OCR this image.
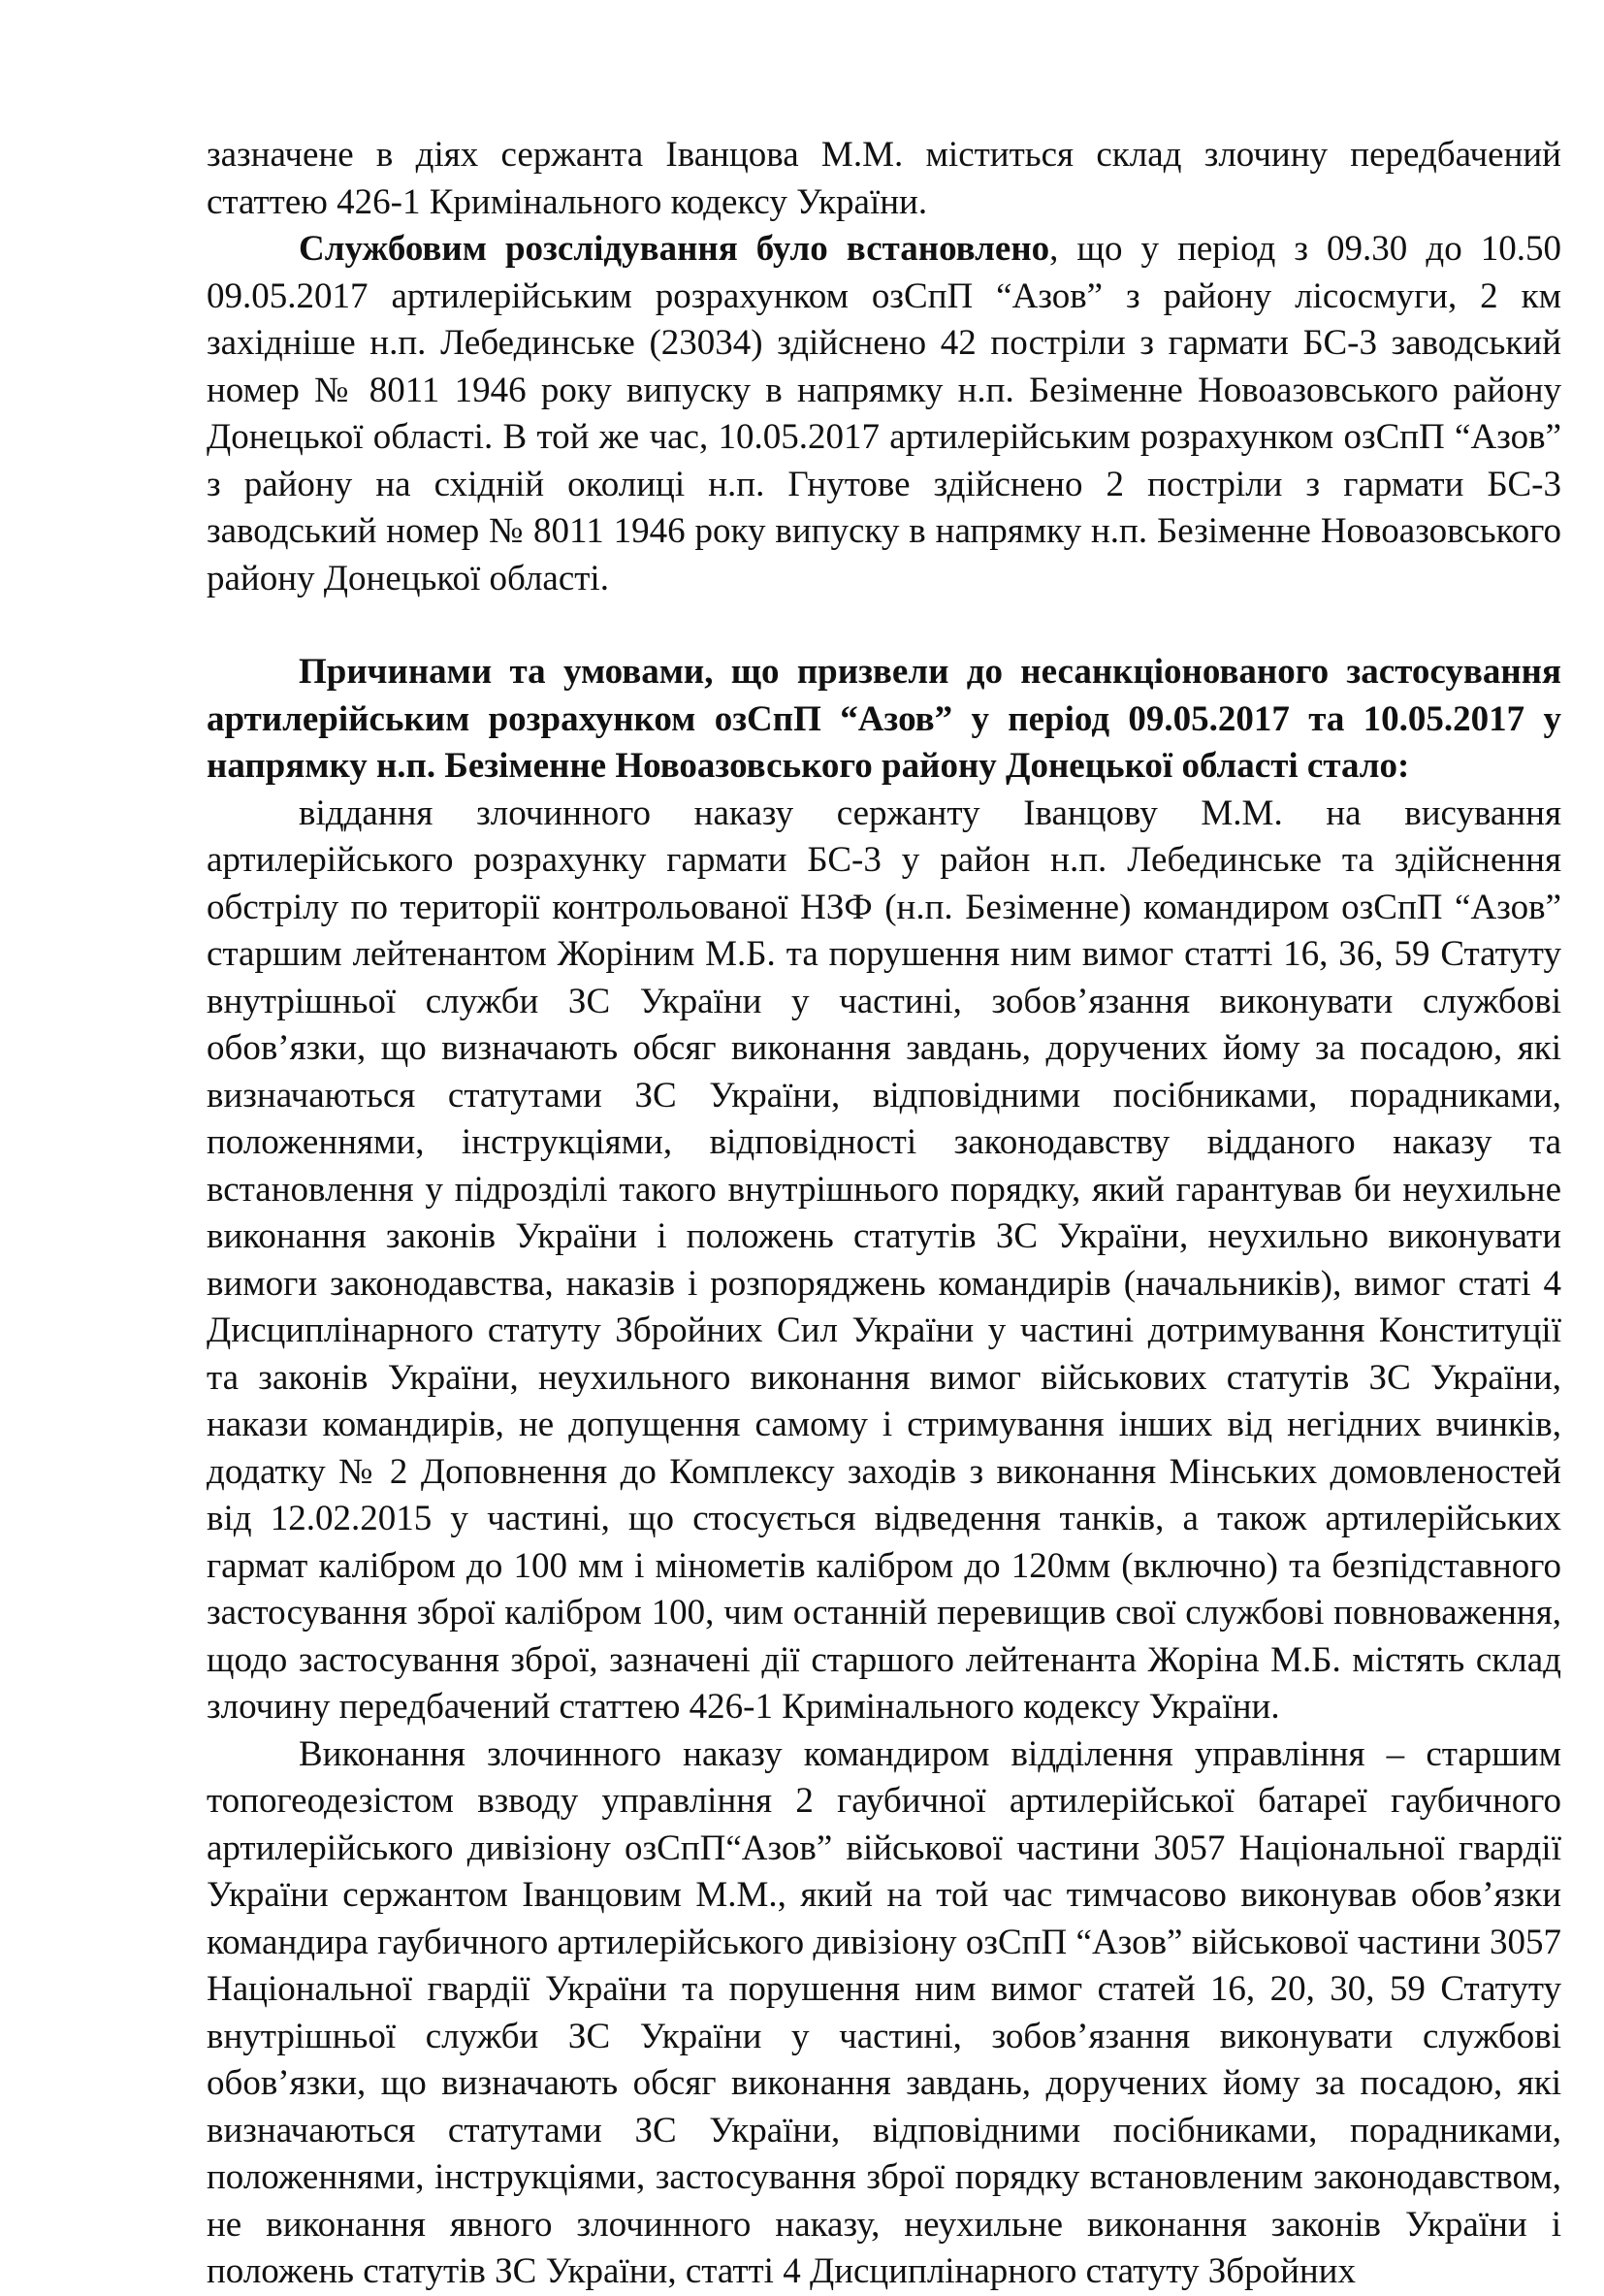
зазначене в діях сержанта Іванцова М.М. міститься склад злочину передбачений статтею 426-1 Кримінального кодексу України.

Службовим розслідування було встановлено, що у період з 09.30 до 10.50 09.05.2017 артилерійським розрахунком озСпП “Азов” з району лісосмуги, 2 км західніше н.п. Лебединське (23034) здійснено 42 постріли з гармати БС-3 заводський номер № 8011 1946 року випуску в напрямку н.п. Безіменне Новоазовського району Донецької області. В той же час, 10.05.2017 артилерійським розрахунком озСпП “Азов” з району на східній околиці н.п. Гнутове здійснено 2 постріли з гармати БС-3 заводський номер № 8011 1946 року випуску в напрямку н.п. Безіменне Новоазовського району Донецької області.

Причинами та умовами, що призвели до несанкціонованого застосування артилерійським розрахунком озСпП “Азов” у період 09.05.2017 та 10.05.2017 у напрямку н.п. Безіменне Новоазовського району Донецької області стало:

віддання злочинного наказу сержанту Іванцову М.М. на висування артилерійського розрахунку гармати БС-3 у район н.п. Лебединське та здійснення обстрілу по території контрольованої НЗФ (н.п. Безіменне) командиром озСпП “Азов” старшим лейтенантом Жоріним М.Б. та порушення ним вимог статті 16, 36, 59 Статуту внутрішньої служби ЗС України у частині, зобов’язання виконувати службові обов’язки, що визначають обсяг виконання завдань, доручених йому за посадою, які визначаються статутами ЗС України, відповідними посібниками, порадниками, положеннями, інструкціями, відповідності законодавству відданого наказу та встановлення у підрозділі такого внутрішнього порядку, який гарантував би неухильне виконання законів України і положень статутів ЗС України, неухильно виконувати вимоги законодавства, наказів і розпоряджень командирів (начальників), вимог статі 4 Дисциплінарного статуту Збройних Сил України у частині дотримування Конституції та законів України, неухильного виконання вимог військових статутів ЗС України, накази командирів, не допущення самому і стримування інших від негідних вчинків, додатку № 2 Доповнення до Комплексу заходів з виконання Мінських домовленостей від 12.02.2015 у частині, що стосується відведення танків, а також артилерійських гармат калібром до 100 мм і мінометів калібром до 120мм (включно) та безпідставного застосування зброї калібром 100, чим останній перевищив свої службові повноваження, щодо застосування зброї, зазначені дії старшого лейтенанта Жоріна М.Б. містять склад злочину передбачений статтею 426-1 Кримінального кодексу України.

Виконання злочинного наказу командиром відділення управління – старшим топогеодезістом взводу управління 2 гаубичної артилерійської батареї гаубичного артилерійського дивізіону озСпП“Азов” військової частини 3057 Національної гвардії України сержантом Іванцовим М.М., який на той час тимчасово виконував обов’язки командира гаубичного артилерійського дивізіону озСпП “Азов” військової частини 3057 Національної гвардії України та порушення ним вимог статей 16, 20, 30, 59 Статуту внутрішньої служби ЗС України у частині, зобов’язання виконувати службові обов’язки, що визначають обсяг виконання завдань, доручених йому за посадою, які визначаються статутами ЗС України, відповідними посібниками, порадниками, положеннями, інструкціями, застосування зброї порядку встановленим законодавством, не виконання явного злочинного наказу, неухильне виконання законів України і положень статутів ЗС України, статті 4 Дисциплінарного статуту Збройних
